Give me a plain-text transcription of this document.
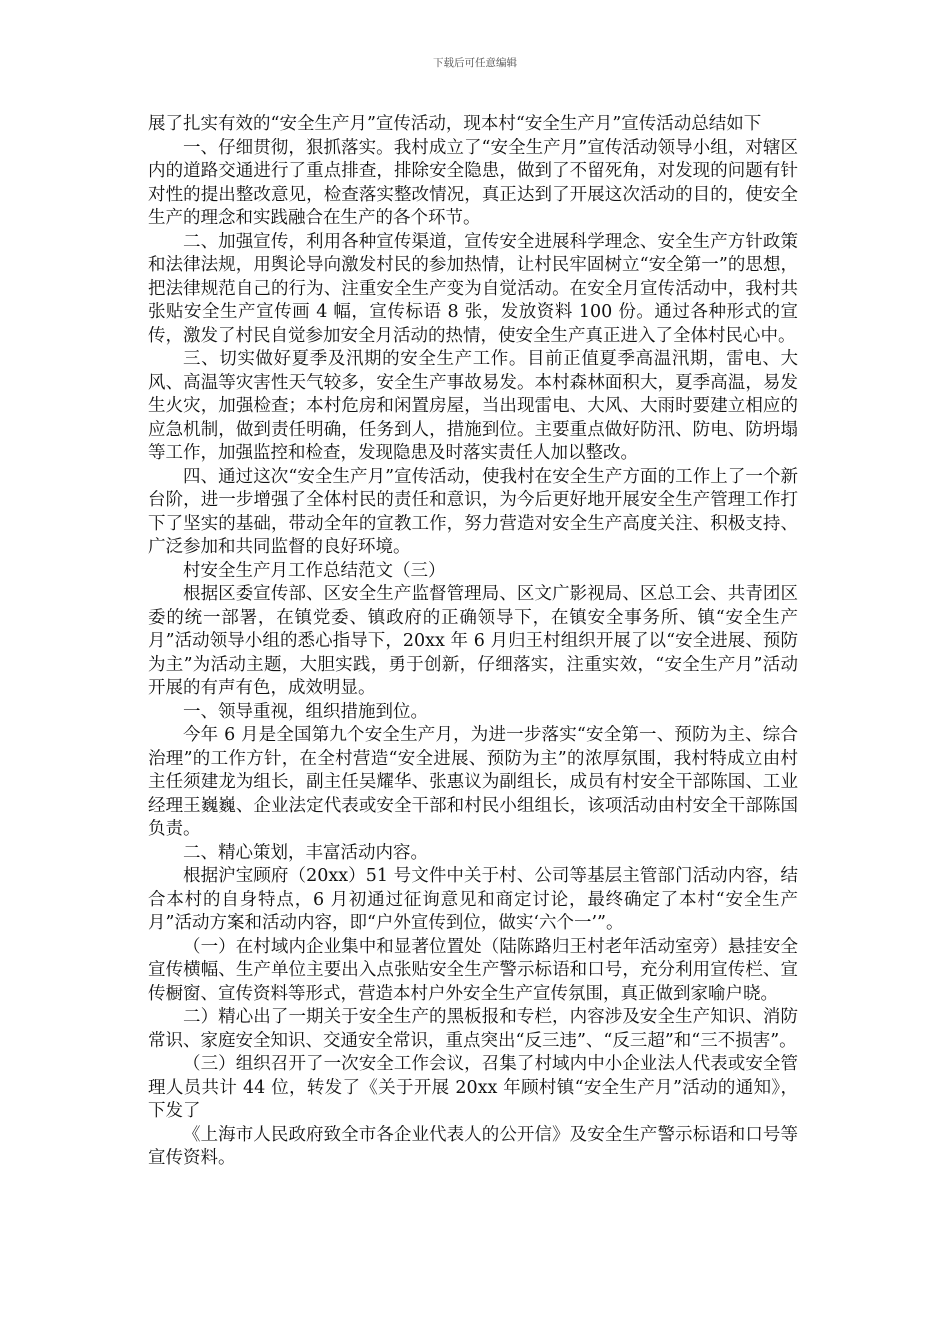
下载后可任意编辑

展了扎实有效的“安全生产月”宣传活动，现本村“安全生产月”宣传活动总结如下

一、仔细贯彻，狠抓落实。我村成立了“安全生产月”宣传活动领导小组，对辖区内的道路交通进行了重点排查，排除安全隐患，做到了不留死角，对发现的问题有针对性的提出整改意见，检查落实整改情况，真正达到了开展这次活动的目的，使安全生产的理念和实践融合在生产的各个环节。

二、加强宣传，利用各种宣传渠道，宣传安全进展科学理念、安全生产方针政策和法律法规，用舆论导向激发村民的参加热情，让村民牢固树立“安全第一”的思想，把法律规范自己的行为、注重安全生产变为自觉活动。在安全月宣传活动中，我村共张贴安全生产宣传画 4 幅，宣传标语 8 张，发放资料 100 份。通过各种形式的宣传，激发了村民自觉参加安全月活动的热情，使安全生产真正进入了全体村民心中。

三、切实做好夏季及汛期的安全生产工作。目前正值夏季高温汛期，雷电、大风、高温等灾害性天气较多，安全生产事故易发。本村森林面积大，夏季高温，易发生火灾，加强检查；本村危房和闲置房屋，当出现雷电、大风、大雨时要建立相应的应急机制，做到责任明确，任务到人，措施到位。主要重点做好防汛、防电、防坍塌等工作，加强监控和检查，发现隐患及时落实责任人加以整改。

四、通过这次“安全生产月”宣传活动，使我村在安全生产方面的工作上了一个新台阶，进一步增强了全体村民的责任和意识，为今后更好地开展安全生产管理工作打下了坚实的基础，带动全年的宣教工作，努力营造对安全生产高度关注、积极支持、广泛参加和共同监督的良好环境。

村安全生产月工作总结范文（三）

根据区委宣传部、区安全生产监督管理局、区文广影视局、区总工会、共青团区委的统一部署，在镇党委、镇政府的正确领导下，在镇安全事务所、镇“安全生产月”活动领导小组的悉心指导下，20xx 年 6 月归王村组织开展了以“安全进展、预防为主”为活动主题，大胆实践，勇于创新，仔细落实，注重实效，“安全生产月”活动开展的有声有色，成效明显。

一、领导重视，组织措施到位。

今年 6 月是全国第九个安全生产月，为进一步落实“安全第一、预防为主、综合治理”的工作方针，在全村营造“安全进展、预防为主”的浓厚氛围，我村特成立由村主任须建龙为组长，副主任吴耀华、张惠议为副组长，成员有村安全干部陈国、工业经理王巍巍、企业法定代表或安全干部和村民小组组长，该项活动由村安全干部陈国负责。

二、精心策划，丰富活动内容。

根据沪宝顾府（20xx）51 号文件中关于村、公司等基层主管部门活动内容，结合本村的自身特点，6 月初通过征询意见和商定讨论，最终确定了本村“安全生产月”活动方案和活动内容，即“户外宣传到位，做实‘六个一’”。

（一）在村域内企业集中和显著位置处（陆陈路归王村老年活动室旁）悬挂安全宣传横幅、生产单位主要出入点张贴安全生产警示标语和口号，充分利用宣传栏、宣传橱窗、宣传资料等形式，营造本村户外安全生产宣传氛围，真正做到家喻户晓。

二）精心出了一期关于安全生产的黑板报和专栏，内容涉及安全生产知识、消防常识、家庭安全知识、交通安全常识，重点突出“反三违”、“反三超”和“三不损害”。

（三）组织召开了一次安全工作会议，召集了村域内中小企业法人代表或安全管理人员共计 44 位，转发了《关于开展 20xx 年顾村镇“安全生产月”活动的通知》，下发了

《上海市人民政府致全市各企业代表人的公开信》及安全生产警示标语和口号等宣传资料。
